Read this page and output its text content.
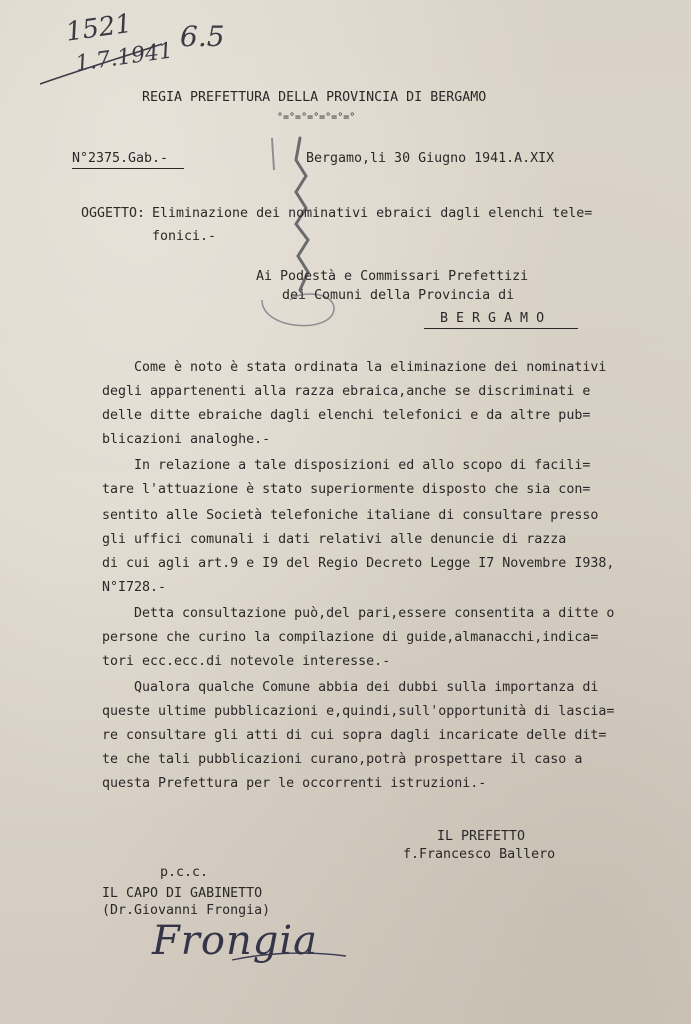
1521
1.7.1941
6.5
REGIA PREFETTURA DELLA PROVINCIA DI BERGAMO
°=°=°=°=°=°=°
N°2375.Gab.-	Bergamo,li 30 Giugno 1941.A.XIX
OGGETTO: Eliminazione dei nominativi ebraici dagli elenchi tele=
fonici.-
Ai Podestà e Commissari Prefettizi
dei Comuni della Provincia di
B E R G A M O
Come è noto è stata ordinata la eliminazione dei nominativi
degli appartenenti alla razza ebraica,anche se discriminati e
delle ditte ebraiche dagli elenchi telefonici e da altre pub=
blicazioni analoghe.-
In relazione a tale disposizioni ed allo scopo di facili=
tare l'attuazione è stato superiormente disposto che sia con=
sentito alle Società telefoniche italiane di consultare presso
gli uffici comunali i dati relativi alle denuncie di razza
di cui agli art.9 e I9 del Regio Decreto Legge I7 Novembre I938,
N°I728.-
Detta consultazione può,del pari,essere consentita a ditte o
persone che curino la compilazione di guide,almanacchi,indica=
tori ecc.ecc.di notevole interesse.-
Qualora qualche Comune abbia dei dubbi sulla importanza di
queste ultime pubblicazioni e,quindi,sull'opportunità di lascia=
re consultare gli atti di cui sopra dagli incaricate delle dit=
te che tali pubblicazioni curano,potrà prospettare il caso a
questa Prefettura per le occorrenti istruzioni.-
IL PREFETTO
f.Francesco Ballero
p.c.c.
IL CAPO DI GABINETTO
(Dr.Giovanni Frongia)
Frongia
